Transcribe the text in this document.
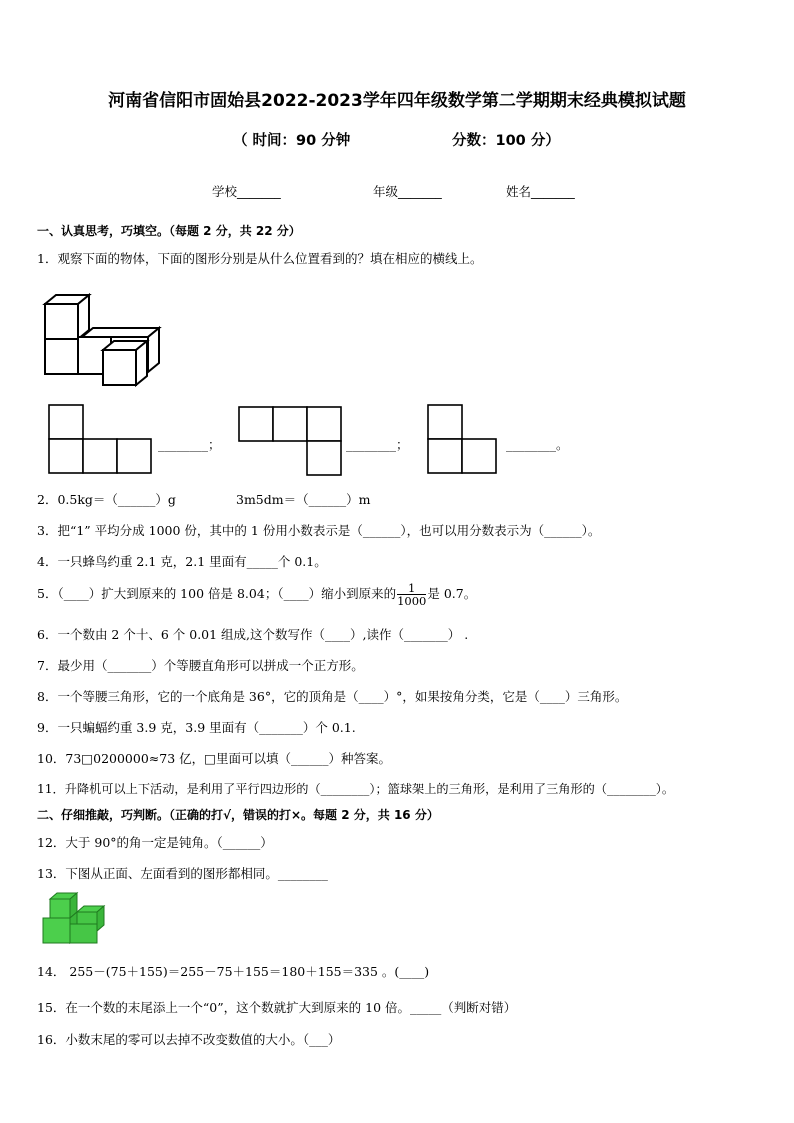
河南省信阳市固始县2022-2023学年四年级数学第二学期期末经典模拟试题
（ 时间：90 分钟	分数：100 分）
学校_______	年级_______	姓名_______
一、认真思考，巧填空。（每题 2 分，共 22 分）
1．观察下面的物体，下面的图形分别是从什么位置看到的？填在相应的横线上。
________；	________；	________。
2．0.5kg＝（______）g	3m5dm＝（______）m
3．把“1” 平均分成 1000 份，其中的 1 份用小数表示是（______），也可以用分数表示为（______）。
4．一只蜂鸟约重 2.1 克，2.1 里面有_____个 0.1。
5．（____）扩大到原来的 100 倍是 8.04；（____）缩小到原来的 $\frac{1}{1000}$ 是 0.7。
6．一个数由 2 个十、6 个 0.01 组成,这个数写作（____）,读作（_______） .
7．最少用（_______）个等腰直角形可以拼成一个正方形。
8．一个等腰三角形，它的一个底角是 36°，它的顶角是（____）°，如果按角分类，它是（____）三角形。
9．一只蝙蝠约重 3.9 克，3.9 里面有（_______）个 0.1.
10．73□0200000≈73 亿，□里面可以填（______）种答案。
11．升降机可以上下活动，是利用了平行四边形的（________）；篮球架上的三角形，是利用了三角形的（________）。
二、仔细推敲，巧判断。（正确的打√，错误的打×。每题 2 分，共 16 分）
12．大于 90°的角一定是钝角。（______）
13．下图从正面、左面看到的图形都相同。________
14． 255－(75＋155)＝255－75＋155＝180＋155＝335 。(____)
15．在一个数的末尾添上一个“0”，这个数就扩大到原来的 10 倍。_____（判断对错）
16．小数末尾的零可以去掉不改变数值的大小。（___）
